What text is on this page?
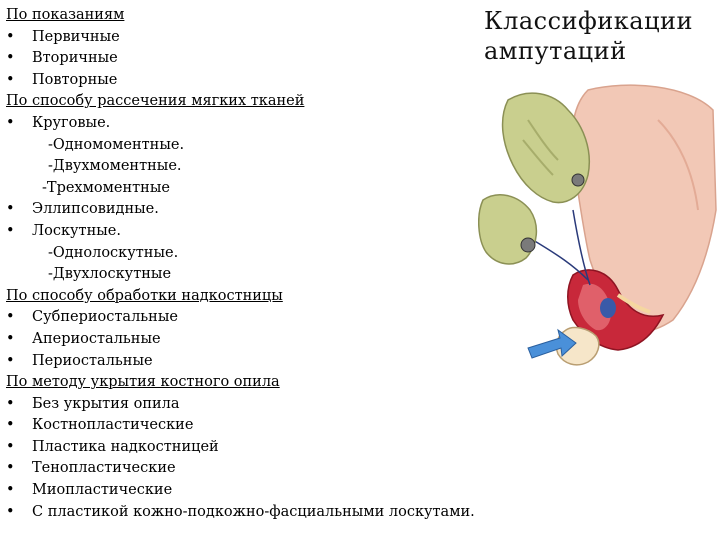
Классификации
ампутаций
По показаниям
• Первичные
• Вторичные
• Повторные
По способу рассечения мягких тканей
• Круговые.
-Одномоментные.
-Двухмоментные.
-Трехмоментные
• Эллипсовидные.
• Лоскутные.
-Однолоскутные.
-Двухлоскутные
По способу обработки надкостницы
• Субпериостальные
• Апериостальные
• Периостальные
По методу укрытия костного опила
• Без укрытия опила
• Костнопластические
• Пластика надкостницей
• Тенопластические
• Миопластические
• С пластикой кожно-подкожно-фасциальными лоскутами.
